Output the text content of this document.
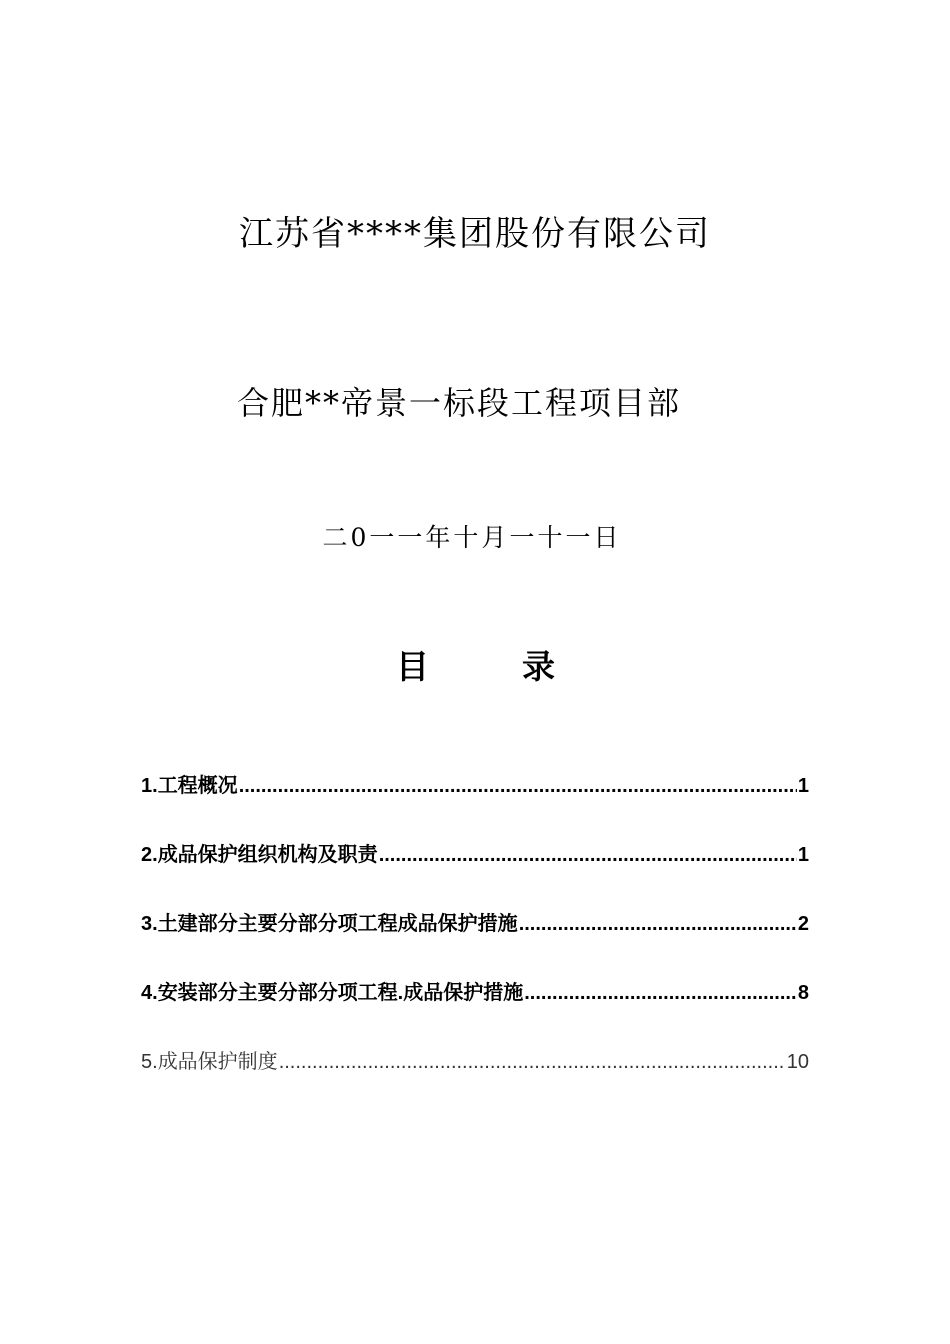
江苏省****集团股份有限公司
合肥**帝景一标段工程项目部
二0一一年十月一十一日
目	录
1. 工程概况 .....	1
2. 成品保护组织机构及职责 .....	1
3. 土建部分主要分部分项工程成品保护措施 .....	2
4. 安装部分主要分部分项工程.成品保护措施 .....	8
5. 成品保护制度 .....	10
